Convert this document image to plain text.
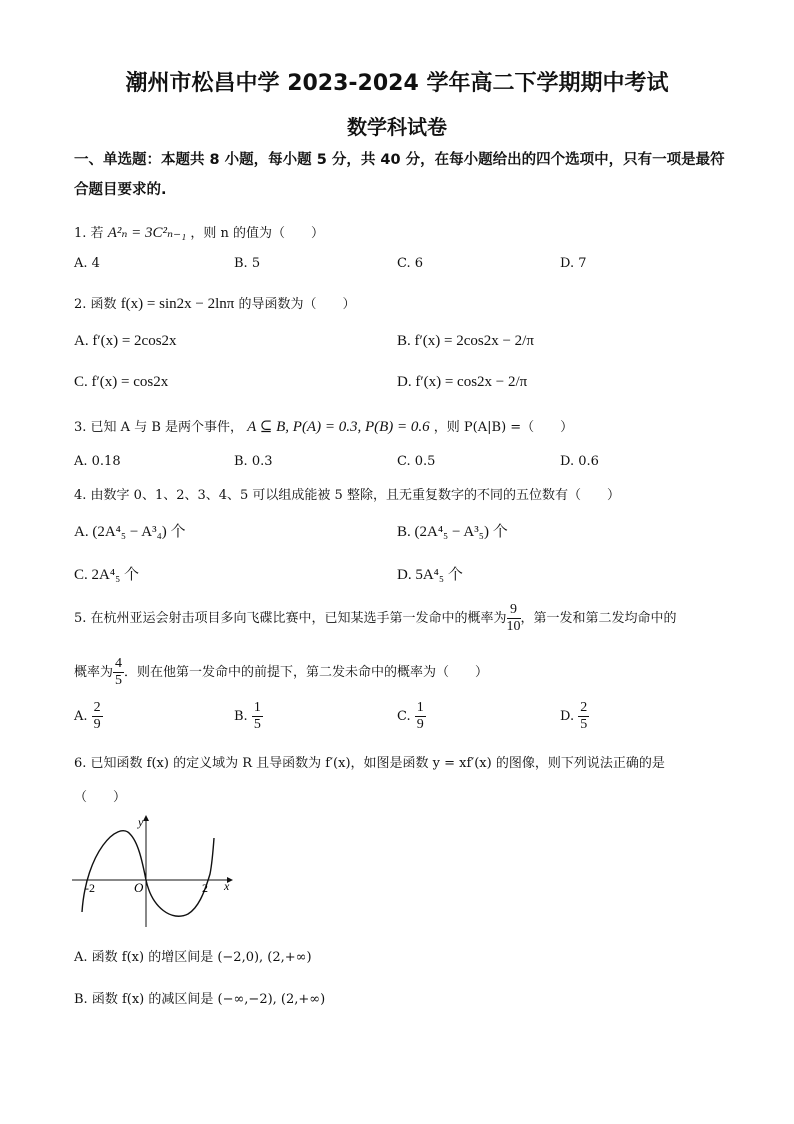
潮州市松昌中学 2023-2024 学年高二下学期期中考试
数学科试卷
一、单选题：本题共 8 小题，每小题 5 分，共 40 分，在每小题给出的四个选项中，只有一项是最符合题目要求的.
1. 若 A²ₙ = 3C²ₙ₋₁ ，则 n 的值为（　　）
A. 4	B. 5	C. 6	D. 7
2. 函数 f(x) = sin2x − 2lnπ 的导函数为（　　）
A. f′(x) = 2cos2x	B. f′(x) = 2cos2x − 2/π
C. f′(x) = cos2x	D. f′(x) = cos2x − 2/π
3. 已知 A 与 B 是两个事件， A ⊆ B, P(A) = 0.3, P(B) = 0.6 ，则 P(A|B) =（　　）
A. 0.18	B. 0.3	C. 0.5	D. 0.6
4. 由数字 0、1、2、3、4、5 可以组成能被 5 整除，且无重复数字的不同的五位数有（　　）
A. (2A⁴₅ − A³₄) 个	B. (2A⁴₅ − A³₅) 个
C. 2A⁴₅ 个	D. 5A⁴₅ 个
5. 在杭州亚运会射击项目多向飞碟比赛中，已知某选手第一发命中的概率为 $\frac{9}{10}$ ，第一发和第二发均命中的
概率为 $\frac{4}{5}$ ．则在他第一发命中的前提下，第二发未命中的概率为（　　）
A. $\frac{2}{9}$	B. $\frac{1}{5}$	C. $\frac{1}{9}$	D. $\frac{2}{5}$
6. 已知函数 f(x) 的定义域为 R 且导函数为 f′(x)，如图是函数 y = xf′(x) 的图像，则下列说法正确的是
（　　）
y
x
O
-2	2
A. 函数 f(x) 的增区间是 (−2,0), (2,+∞)
B. 函数 f(x) 的减区间是 (−∞,−2), (2,+∞)
